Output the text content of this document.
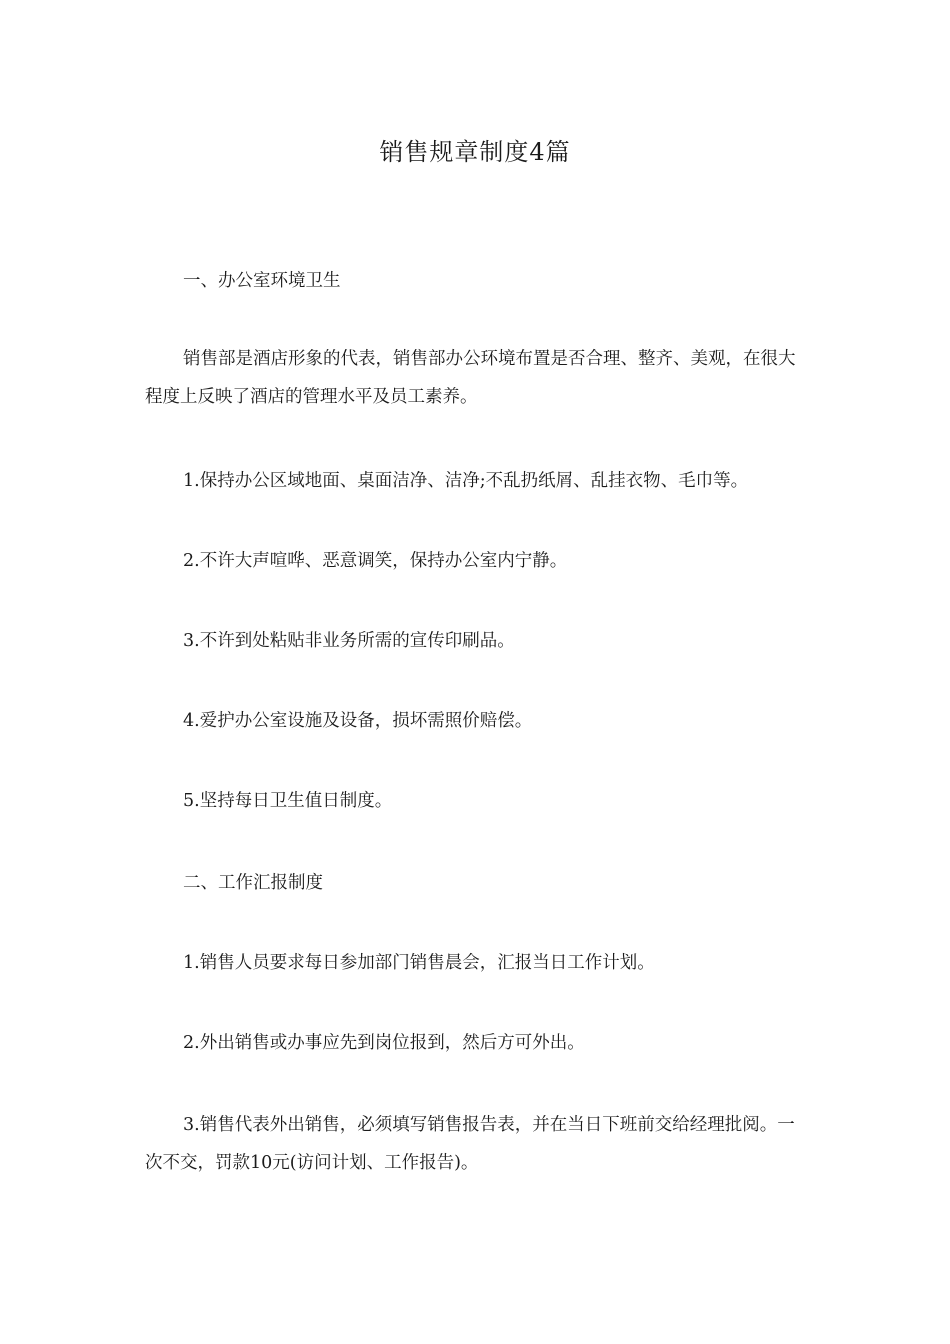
销售规章制度4篇

一、办公室环境卫生

销售部是酒店形象的代表，销售部办公环境布置是否合理、整齐、美观，在很大程度上反映了酒店的管理水平及员工素养。

1.保持办公区域地面、桌面洁净、洁净;不乱扔纸屑、乱挂衣物、毛巾等。

2.不许大声喧哗、恶意调笑，保持办公室内宁静。

3.不许到处粘贴非业务所需的宣传印刷品。

4.爱护办公室设施及设备，损坏需照价赔偿。

5.坚持每日卫生值日制度。

二、工作汇报制度

1.销售人员要求每日参加部门销售晨会，汇报当日工作计划。

2.外出销售或办事应先到岗位报到，然后方可外出。

3.销售代表外出销售，必须填写销售报告表，并在当日下班前交给经理批阅。一次不交，罚款10元(访问计划、工作报告)。
